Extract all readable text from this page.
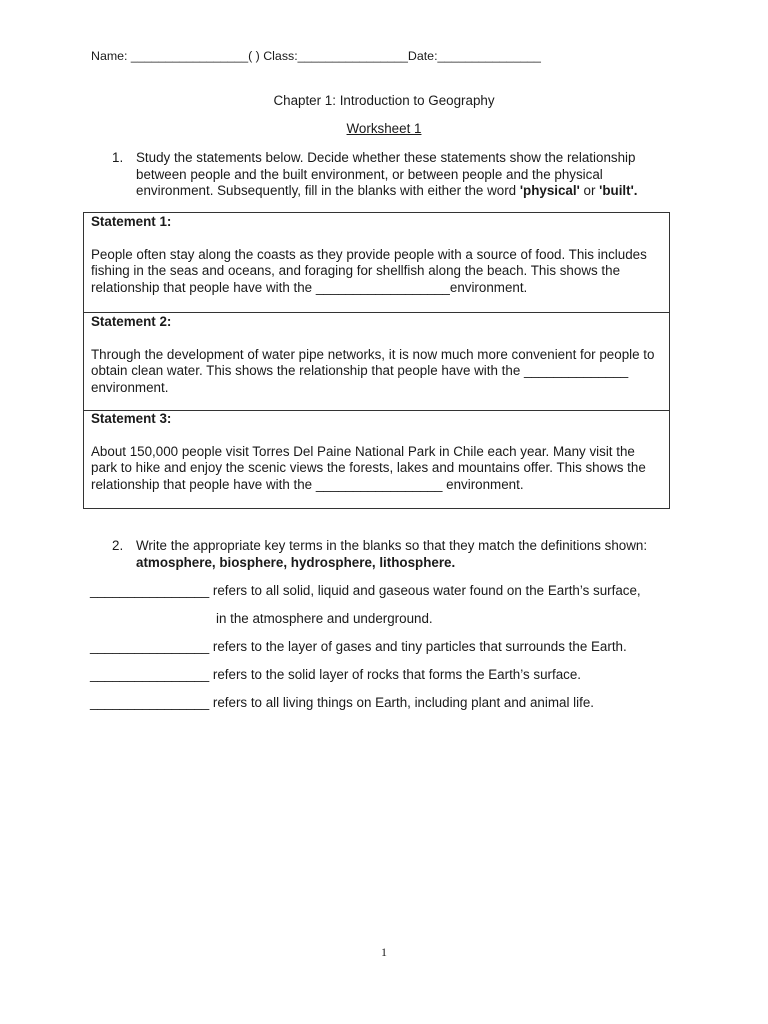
Name: _________________( ) Class:________________Date:_______________
Chapter 1: Introduction to Geography
Worksheet 1
1. Study the statements below. Decide whether these statements show the relationship between people and the built environment, or between people and the physical environment. Subsequently, fill in the blanks with either the word 'physical' or 'built'.
Statement 1:
People often stay along the coasts as they provide people with a source of food. This includes fishing in the seas and oceans, and foraging for shellfish along the beach. This shows the relationship that people have with the __________________environment.
Statement 2:
Through the development of water pipe networks, it is now much more convenient for people to obtain clean water. This shows the relationship that people have with the ______________ environment.
Statement 3:
About 150,000 people visit Torres Del Paine National Park in Chile each year. Many visit the park to hike and enjoy the scenic views the forests, lakes and mountains offer. This shows the relationship that people have with the _________________ environment.
2. Write the appropriate key terms in the blanks so that they match the definitions shown:
atmosphere, biosphere, hydrosphere, lithosphere.
________________ refers to all solid, liquid and gaseous water found on the Earth’s surface,
in the atmosphere and underground.
________________ refers to the layer of gases and tiny particles that surrounds the Earth.
________________ refers to the solid layer of rocks that forms the Earth’s surface.
________________ refers to all living things on Earth, including plant and animal life.
1
